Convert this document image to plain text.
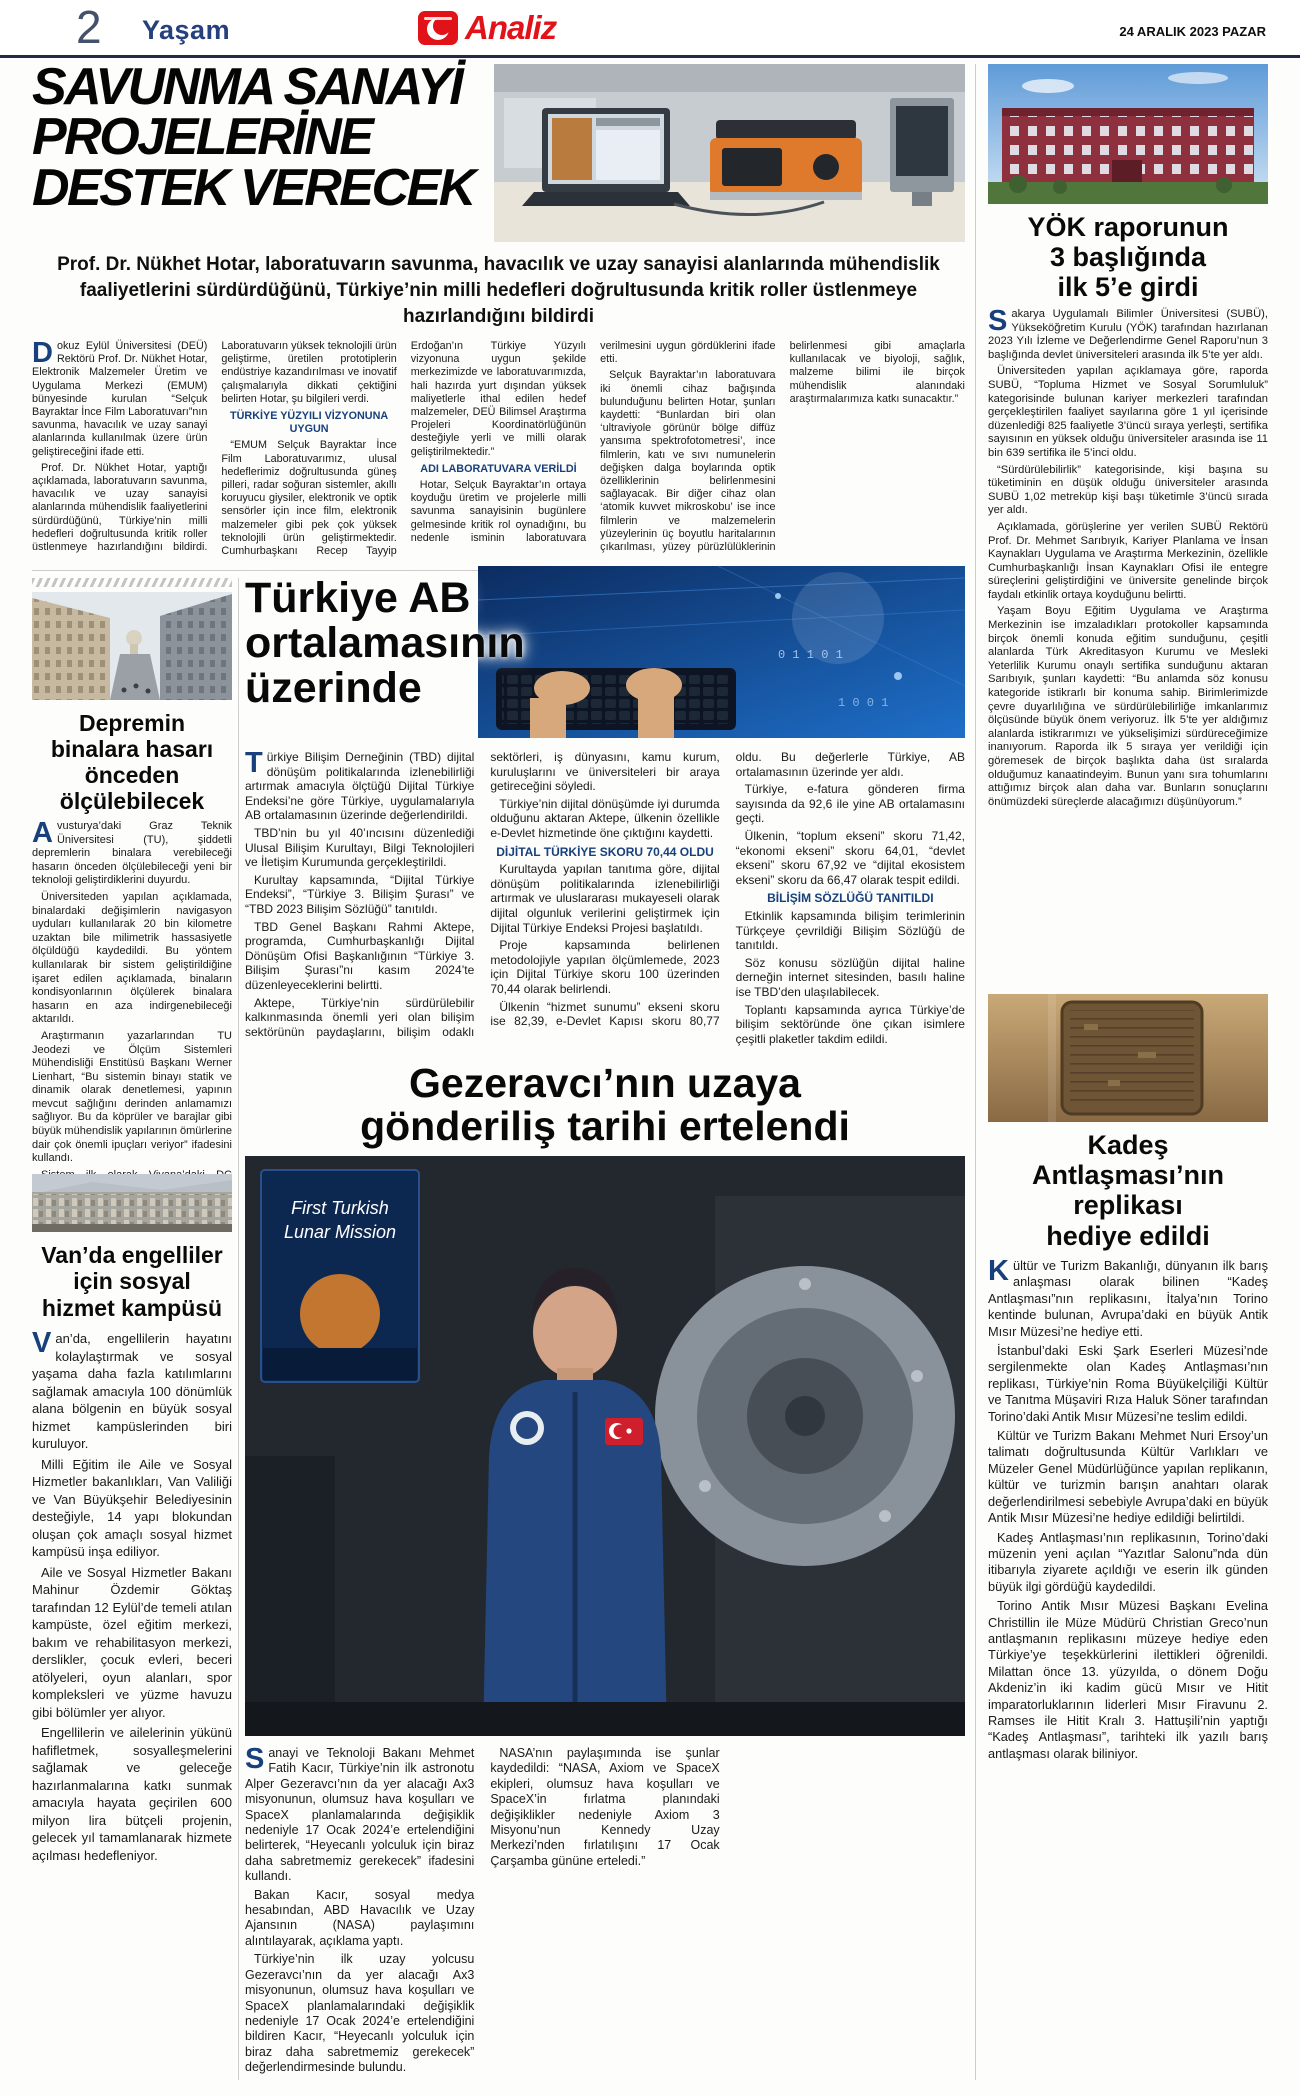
2 Yaşam	Analiz	24 ARALIK 2023 PAZAR
SAVUNMA SANAYİ
PROJELERİNE
DESTEK VERECEK

Prof. Dr. Nükhet Hotar, laboratuvarın savunma, havacılık ve uzay sanayisi alanlarında mühendislik faaliyetlerini sürdürdüğünü, Türkiye’nin milli hedefleri doğrultusunda kritik roller üstlenmeye hazırlandığını bildirdi

Dokuz Eylül Üniversitesi (DEÜ) Rektörü Prof. Dr. Nükhet Hotar, Elektronik Malzemeler Üretim ve Uygulama Merkezi (EMUM) bünyesinde kurulan “Selçuk Bayraktar İnce Film Laboratuvarı”nın savunma, havacılık ve uzay sanayi alanlarında kullanılmak üzere ürün geliştireceğini ifade etti.

Prof. Dr. Nükhet Hotar, yaptığı açıklamada, laboratuvarın savunma, havacılık ve uzay sanayisi alanlarında mühendislik faaliyetlerini sürdürdüğünü, Türkiye’nin milli hedefleri doğrultusunda kritik roller üstlenmeye hazırlandığını bildirdi. Laboratuvarın yüksek teknolojili ürün geliştirme, üretilen prototiplerin endüstriye kazandırılması ve inovatif çalışmalarıyla dikkati çektiğini belirten Hotar, şu bilgileri verdi.

TÜRKİYE YÜZYILI VİZYONUNA UYGUN

“EMUM Selçuk Bayraktar İnce Film Laboratuvarımız, ulusal hedeflerimiz doğrultusunda güneş pilleri, radar soğuran sistemler, akıllı koruyucu giysiler, elektronik ve optik sensörler için ince film, elektronik malzemeler gibi pek çok yüksek teknolojili ürün geliştirmektedir. Cumhurbaşkanı Recep Tayyip Erdoğan’ın Türkiye Yüzyılı vizyonuna uygun şekilde merkezimizde ve laboratuvarımızda, hali hazırda yurt dışından yüksek maliyetlerle ithal edilen hedef malzemeler, DEÜ Bilimsel Araştırma Projeleri Koordinatörlüğünün desteğiyle yerli ve milli olarak geliştirilmektedir.”

ADI LABORATUVARA VERİLDİ

Hotar, Selçuk Bayraktar’ın ortaya koyduğu üretim ve projelerle milli savunma sanayisinin bugünlere gelmesinde kritik rol oynadığını, bu nedenle isminin laboratuvara verilmesini uygun gördüklerini ifade etti.

Selçuk Bayraktar’ın laboratuvara iki önemli cihaz bağışında bulunduğunu belirten Hotar, şunları kaydetti: “Bunlardan biri olan ‘ultraviyole görünür bölge diffüz yansıma spektrofotometresi’, ince filmlerin, katı ve sıvı numunelerin değişken dalga boylarında optik özelliklerinin belirlenmesini sağlayacak. Bir diğer cihaz olan ‘atomik kuvvet mikroskobu’ ise ince filmlerin ve malzemelerin yüzeylerinin üç boyutlu haritalarının çıkarılması, yüzey pürüzlülüklerinin belirlenmesi gibi amaçlarla kullanılacak ve biyoloji, sağlık, malzeme bilimi ile birçok mühendislik alanındaki araştırmalarımıza katkı sunacaktır.”

YÖK raporunun
3 başlığında
ilk 5’e girdi

Sakarya Uygulamalı Bilimler Üniversitesi (SUBÜ), Yükseköğretim Kurulu (YÖK) tarafından hazırlanan 2023 Yılı İzleme ve Değerlendirme Genel Raporu’nun 3 başlığında devlet üniversiteleri arasında ilk 5’te yer aldı.

Üniversiteden yapılan açıklamaya göre, raporda SUBÜ, “Topluma Hizmet ve Sosyal Sorumluluk” kategorisinde bulunan kariyer merkezleri tarafından gerçekleştirilen faaliyet sayılarına göre 1 yıl içerisinde düzenlediği 825 faaliyetle 3’üncü sıraya yerleşti, sertifika sayısının en yüksek olduğu üniversiteler arasında ise 11 bin 639 sertifika ile 5’inci oldu.

“Sürdürülebilirlik” kategorisinde, kişi başına su tüketiminin en düşük olduğu üniversiteler arasında SUBÜ 1,02 metreküp kişi başı tüketimle 3’üncü sırada yer aldı.

Açıklamada, görüşlerine yer verilen SUBÜ Rektörü Prof. Dr. Mehmet Sarıbıyık, Kariyer Planlama ve İnsan Kaynakları Uygulama ve Araştırma Merkezinin, özellikle Cumhurbaşkanlığı İnsan Kaynakları Ofisi ile entegre süreçlerini geliştirdiğini ve üniversite genelinde birçok faydalı etkinlik ortaya koyduğunu belirtti.

Yaşam Boyu Eğitim Uygulama ve Araştırma Merkezinin ise imzaladıkları protokoller kapsamında birçok önemli konuda eğitim sunduğunu, çeşitli alanlarda Türk Akreditasyon Kurumu ve Mesleki Yeterlilik Kurumu onaylı sertifika sunduğunu aktaran Sarıbıyık, şunları kaydetti: “Bu anlamda söz konusu kategoride istikrarlı bir konuma sahip. Birimlerimizde çevre duyarlılığına ve sürdürülebilirliğe imkanlarımız ölçüsünde büyük önem veriyoruz. İlk 5’te yer aldığımız alanlarda istikrarımızı ve yükselişimizi sürdüreceğimize inanıyorum. Raporda ilk 5 sıraya yer verildiği için göremesek de birçok başlıkta daha üst sıralarda olduğumuz kanaatindeyim. Bunun yanı sıra tohumlarını attığımız birçok alan daha var. Bunların sonuçlarını önümüzdeki süreçlerde alacağımızı düşünüyorum.”

Kadeş
Antlaşması’nın
replikası
hediye edildi

Kültür ve Turizm Bakanlığı, dünyanın ilk barış anlaşması olarak bilinen “Kadeş Antlaşması”nın replikasını, İtalya’nın Torino kentinde bulunan, Avrupa’daki en büyük Antik Mısır Müzesi’ne hediye etti.

İstanbul’daki Eski Şark Eserleri Müzesi’nde sergilenmekte olan Kadeş Antlaşması’nın replikası, Türkiye’nin Roma Büyükelçiliği Kültür ve Tanıtma Müşaviri Rıza Haluk Söner tarafından Torino’daki Antik Mısır Müzesi’ne teslim edildi.

Kültür ve Turizm Bakanı Mehmet Nuri Ersoy’un talimatı doğrultusunda Kültür Varlıkları ve Müzeler Genel Müdürlüğünce yapılan replikanın, kültür ve turizmin barışın anahtarı olarak değerlendirilmesi sebebiyle Avrupa’daki en büyük Antik Mısır Müzesi’ne hediye edildiği belirtildi.

Kadeş Antlaşması’nın replikasının, Torino’daki müzenin yeni açılan “Yazıtlar Salonu”nda dün itibarıyla ziyarete açıldığı ve eserin ilk günden büyük ilgi gördüğü kaydedildi.

Torino Antik Mısır Müzesi Başkanı Evelina Christillin ile Müze Müdürü Christian Greco’nun antlaşmanın replikasını müzeye hediye eden Türkiye’ye teşekkürlerini ilettikleri öğrenildi. Milattan önce 13. yüzyılda, o dönem Doğu Akdeniz’in iki kadim gücü Mısır ve Hitit imparatorluklarının liderleri Mısır Firavunu 2. Ramses ile Hitit Kralı 3. Hattuşili’nin yaptığı “Kadeş Antlaşması”, tarihteki ilk yazılı barış antlaşması olarak biliniyor.

Depremin
binalara hasarı
önceden
ölçülebilecek

Avusturya’daki Graz Teknik Üniversitesi (TU), şiddetli depremlerin binalara verebileceği hasarın önceden ölçülebileceği yeni bir teknoloji geliştirdiklerini duyurdu.

Üniversiteden yapılan açıklamada, binalardaki değişimlerin navigasyon uyduları kullanılarak 20 bin kilometre uzaktan bile milimetrik hassasiyetle ölçüldüğü kaydedildi. Bu yöntem kullanılarak bir sistem geliştirildiğine işaret edilen açıklamada, binaların kondisyonlarının ölçülerek binalara hasarın en aza indirgenebileceği aktarıldı.

Araştırmanın yazarlarından TU Jeodezi ve Ölçüm Sistemleri Mühendisliği Enstitüsü Başkanı Werner Lienhart, “Bu sistemin binayı statik ve dinamik olarak denetlemesi, yapının mevcut sağlığını derinden anlamamızı sağlıyor. Bu da köprüler ve barajlar gibi büyük mühendislik yapılarının ömürlerine dair çok önemli ipuçları veriyor” ifadesini kullandı.

Van’da engelliler
için sosyal
hizmet kampüsü

Van’da, engellilerin hayatını kolaylaştırmak ve sosyal yaşama daha fazla katılımlarını sağlamak amacıyla 100 dönümlük alana bölgenin en büyük sosyal hizmet kampüslerinden biri kuruluyor.

Milli Eğitim ile Aile ve Sosyal Hizmetler bakanlıkları, Van Valiliği ve Van Büyükşehir Belediyesinin desteğiyle, 14 yapı blokundan oluşan çok amaçlı sosyal hizmet kampüsü inşa ediliyor.

Aile ve Sosyal Hizmetler Bakanı Mahinur Özdemir Göktaş tarafından 12 Eylül’de temeli atılan kampüste, özel eğitim merkezi, bakım ve rehabilitasyon merkezi, derslikler, çocuk evleri, beceri atölyeleri, oyun alanları, spor kompleksleri ve yüzme havuzu gibi bölümler yer alıyor.

Engellilerin ve ailelerinin yükünü hafifletmek, sosyalleşmelerini sağlamak ve geleceğe hazırlanmalarına katkı sunmak amacıyla hayata geçirilen 600 milyon lira bütçeli projenin, gelecek yıl tamamlanarak hizmete açılması hedefleniyor.

0 1 1 0 1
1 0 0 1
Türkiye AB
ortalamasının
üzerinde

Türkiye Bilişim Derneğinin (TBD) dijital dönüşüm politikalarında izlenebilirliği artırmak amacıyla ölçtüğü Dijital Türkiye Endeksi’ne göre Türkiye, uygulamalarıyla AB ortalamasının üzerinde değerlendirildi.

TBD’nin bu yıl 40’ıncısını düzenlediği Ulusal Bilişim Kurultayı, Bilgi Teknolojileri ve İletişim Kurumunda gerçekleştirildi.

Kurultay kapsamında, “Dijital Türkiye Endeksi”, “Türkiye 3. Bilişim Şurası” ve “TBD 2023 Bilişim Sözlüğü” tanıtıldı.

TBD Genel Başkanı Rahmi Aktepe, programda, Cumhurbaşkanlığı Dijital Dönüşüm Ofisi Başkanlığının “Türkiye 3. Bilişim Şurası”nı kasım 2024’te düzenleyeceklerini belirtti.

Aktepe, Türkiye’nin sürdürülebilir kalkınmasında önemli yeri olan bilişim sektörünün paydaşlarını, bilişim odaklı sektörleri, iş dünyasını, kamu kurum, kuruluşlarını ve üniversiteleri bir araya getireceğini söyledi.

Türkiye’nin dijital dönüşümde iyi durumda olduğunu aktaran Aktepe, ülkenin özellikle e-Devlet hizmetinde öne çıktığını kaydetti.

DİJİTAL TÜRKİYE SKORU 70,44 OLDU

Kurultayda yapılan tanıtıma göre, dijital dönüşüm politikalarında izlenebilirliği artırmak ve uluslararası mukayeseli olarak dijital olgunluk verilerini geliştirmek için Dijital Türkiye Endeksi Projesi başlatıldı.

Proje kapsamında belirlenen metodolojiyle yapılan ölçümlemede, 2023 için Dijital Türkiye skoru 100 üzerinden 70,44 olarak belirlendi.

Ülkenin “hizmet sunumu” ekseni skoru ise 82,39, e-Devlet Kapısı skoru 80,77 oldu. Bu değerlerle Türkiye, AB ortalamasının üzerinde yer aldı.

Türkiye, e-fatura gönderen firma sayısında da 92,6 ile yine AB ortalamasını geçti.

Ülkenin, “toplum ekseni” skoru 71,42, “ekonomi ekseni” skoru 64,01, “devlet ekseni” skoru 67,92 ve “dijital ekosistem ekseni” skoru da 66,47 olarak tespit edildi.

BİLİŞİM SÖZLÜĞÜ TANITILDI

Etkinlik kapsamında bilişim terimlerinin Türkçeye çevrildiği Bilişim Sözlüğü de tanıtıldı.

Söz konusu sözlüğün dijital haline derneğin internet sitesinden, basılı haline ise TBD’den ulaşılabilecek.

Toplantı kapsamında ayrıca Türkiye’de bilişim sektöründe öne çıkan isimlere çeşitli plaketler takdim edildi.

Gezeravcı’nın uzaya
gönderiliş tarihi ertelendi
First Turkish
Lunar Mission

Sanayi ve Teknoloji Bakanı Mehmet Fatih Kacır, Türkiye’nin ilk astronotu Alper Gezeravcı’nın da yer alacağı Ax3 misyonunun, olumsuz hava koşulları ve SpaceX planlamalarında değişiklik nedeniyle 17 Ocak 2024’e ertelendiğini belirterek, “Heyecanlı yolculuk için biraz daha sabretmemiz gerekecek” ifadesini kullandı.

Bakan Kacır, sosyal medya hesabından, ABD Havacılık ve Uzay Ajansının (NASA) paylaşımını alıntılayarak, açıklama yaptı.

Türkiye’nin ilk uzay yolcusu Gezeravcı’nın da yer alacağı Ax3 misyonunun, olumsuz hava koşulları ve SpaceX planlamalarındaki değişiklik nedeniyle 17 Ocak 2024’e ertelendiğini bildiren Kacır, “Heyecanlı yolculuk için biraz daha sabretmemiz gerekecek” değerlendirmesinde bulundu.

NASA’nın paylaşımında ise şunlar kaydedildi: “NASA, Axiom ve SpaceX ekipleri, olumsuz hava koşulları ve SpaceX’in fırlatma planındaki değişiklikler nedeniyle Axiom 3 Misyonu’nun Kennedy Uzay Merkezi’nden fırlatılışını 17 Ocak Çarşamba gününe erteledi.”
